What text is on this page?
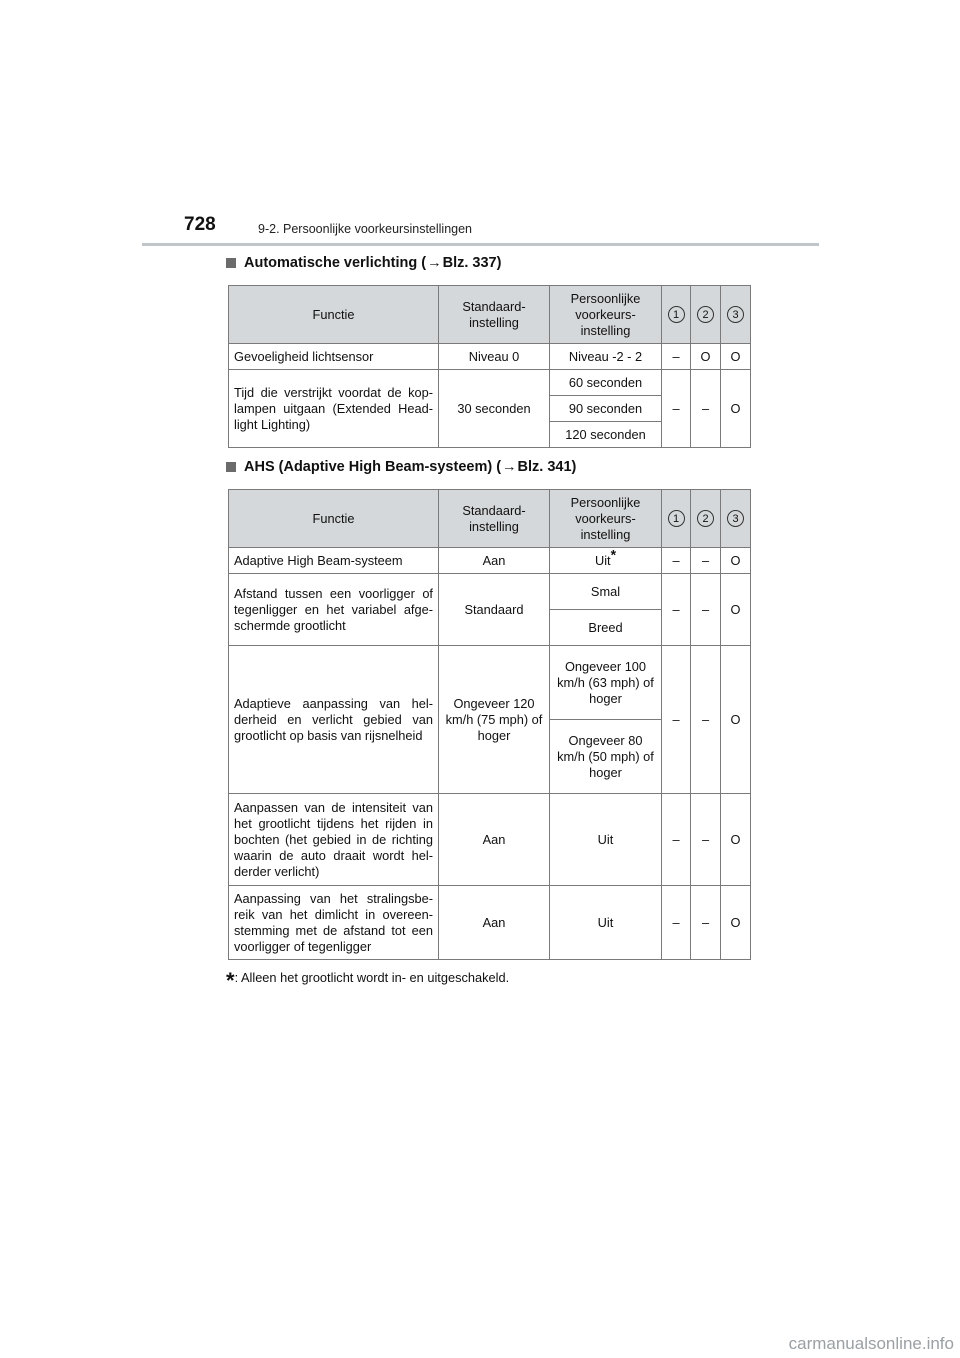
728	9-2. Persoonlijke voorkeursinstellingen
Automatische verlichting ( → Blz. 337)
Functie	Standaard-instelling	Persoonlijke voorkeurs-instelling	1	2	3
Gevoeligheid lichtsensor	Niveau 0	Niveau -2 - 2	–	O	O
Tijd die verstrijkt voordat de kop-lampen uitgaan (Extended Head-light Lighting)	30 seconden	60 seconden	–	–	O
		90 seconden			
		120 seconden			
AHS (Adaptive High Beam-systeem) ( → Blz. 341)
Functie	Standaard-instelling	Persoonlijke voorkeurs-instelling	1	2	3
Adaptive High Beam-systeem	Aan	Uit*	–	–	O
Afstand tussen een voorligger of tegenligger en het variabel afge-schermde grootlicht	Standaard	Smal	–	–	O
		Breed			
Adaptieve aanpassing van hel-derheid en verlicht gebied van grootlicht op basis van rijsnelheid	Ongeveer 120 km/h (75 mph) of hoger	Ongeveer 100 km/h (63 mph) of hoger	–	–	O
		Ongeveer 80 km/h (50 mph) of hoger			
Aanpassen van de intensiteit van het grootlicht tijdens het rijden in bochten (het gebied in de richting waarin de auto draait wordt hel-derder verlicht)	Aan	Uit	–	–	O
Aanpassing van het stralingsbe-reik van het dimlicht in overeen-stemming met de afstand tot een voorligger of tegenligger	Aan	Uit	–	–	O
*: Alleen het grootlicht wordt in- en uitgeschakeld.
carmanualsonline.info
